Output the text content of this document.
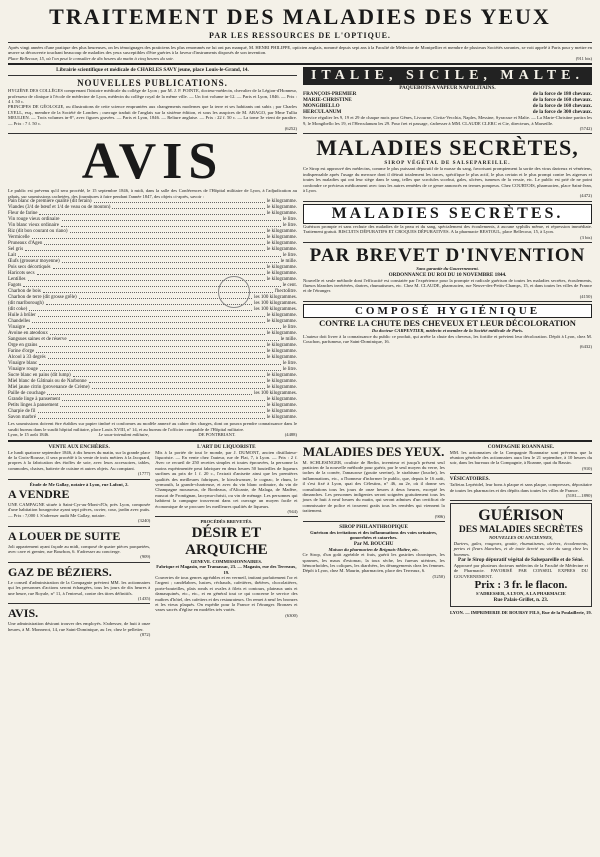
TRAITEMENT DES MALADIES DES YEUX
PAR LES RESSOURCES DE L'OPTIQUE.
Après vingt années d'une pratique des plus heureuses, on les témoignages des praticiens les plus renommés ne lui ont pas manqué, M. HENRI PHILIPPE, opticien anglais, nommé depuis sept ans à la Faculté de Médecine de Montpellier et membre de plusieurs Sociétés savantes, se voit appelé à Paris pour y mettre en œuvre sa découverte touchant beaucoup de maladies des yeux susceptibles d'être guéries à la faveur d'instruments disposés de son invention.
Place Bellecour, 15, où l'on peut le consulter de dix heures du matin à cinq heures du soir.	(911 bis)
Librairie scientifique et médicale de CHARLES SAVY jeune, place Louis-le-Grand, 14.
NOUVELLES PUBLICATIONS.
HYGIÈNE DES COLLÈGES comprenant l'histoire médicale du collège de Lyon ; par M. J. P. POINTE, docteur-médecin, chevalier de la Légion-d'Honneur, professeur de clinique à l'école de médecine de Lyon, médecin du collège royal de la même ville. — Un fort volume in-12. — Paris et Lyon, 1846. — Prix : 4 f. 50 c.
PRINCIPES DE GÉOLOGIE, ou illustrations de cette science empruntées aux changements modernes que la terre et ses habitants ont subis ; par Charles LYELL, esq., membre de la Société de Londres ; ouvrage traduit de l'anglais sur la sixième édition, et sous les auspices de M. ARAGO, par Mme Tullia MEULIEN. — Trois volumes in-8°, avec figures gravées. — Paris et Lyon, 1846. — Reliure anglaise. — Prix : 22 f. 50 c. — La tome 3e vient de paraître. — Prix : 7 f. 50 c.
(6252)
AVIS
Le public est prévenu qu'il sera procédé, le 15 septembre 1846, à midi, dans la salle des Conférences de l'Hôpital militaire de Lyon, à l'adjudication au rabais, sur soumissions cachetées, des fournitures à faire pendant l'année 1847, des objets ci-après, savoir :
Pain blanc de première qualité (dit ferain)	le kilogramme.
Viandes (3/4 de bœuf et 1/4 de veau ou de mouton)	le kilogramme.
Fleur de farine	le kilogramme.
Vin rouge vieux ordinaire	le litre.
Vin blanc vieux ordinaire	le litre.
Riz (dit bon courant ou riano)	le kilogramme.
Vermicelle	le kilogramme.
Pruneaux d'Agen	le kilogramme.
Sel gris	le kilogramme.
Lait	le litre.
Œufs (grosseur moyenne)	le mille.
Pois secs décortiqués	le kilogramme.
Haricots secs	le kilogramme.
Lentilles	le kilogramme.
Fagots	le cent.
Charbon de bois	l'hectolitre.
Charbon de terre (dit grosse grêle)	les 100 kilogrammes.
(dit marlborough)	les 100 kilogrammes.
(dit coke)	les 100 kilogrammes.
Huile à brûler	le kilogramme.
Chandelles	le kilogramme.
Vinaigre	le litre.
Avoine en ateodoux	le kilogramme.
Sangsues saines et de réserve	le mille.
Orge en grains	le kilogramme.
Farine d'orge	le kilogramme.
Alcool à 33 degrés	le kilogramme.
Vinaigre blanc	le litre.
Vinaigre rouge	le litre.
Sucre blanc en pains (dit lump)	le kilogramme.
Miel blanc de Gâtinais ou de Narbonne	le kilogramme.
Miel jaune citrin (provenance de Crème)	le kilogramme.
Paille de couchage	les 100 kilogrammes.
Grande linge à pansement	le kilogramme.
Petits linges à pansement	le kilogramme.
Charpie de fil	le kilogramme.
Savon marbré	le kilogramme.
Les soumissions doivent être établies sur papier timbré et conformes au modèle annexé au cahier des charges, dont on pourra prendre connaissance dans le susdit bureau dans le susdit hôpital militaire, place Louis XVIII, nº 14, et au bureau de l'officier comptable de l'Hôpital militaire.
Lyon, le 15 août 1846.	Le sous-intendant militaire,	DE PONTBRIANT.	(4488)
ITALIE, SICILE, MALTE.
PAQUEBOTS A VAPEUR NAPOLITAINS.
FRANÇOIS-PREMIER	de la force de 180 chevaux.
MARIE-CHRISTINE	de la force de 160 chevaux.
MONGIBELLO	de la force de 160 chevaux.
HERCULANUM	de la force de 300 chevaux.
Service régulier les 9, 19 et 29 de chaque mois pour Gênes, Livourne, Civita-Vecchia, Naples, Messine, Syracuse et Malte. — La Marie-Christine partira les 9, le Mongibello les 19, et l'Herculanum les 29. Pour fret et passage, s'adresser à MM. CLAUDE CLERC et Cie, directeurs, à Marseille.
(5742)
MALADIES SECRÈTES,
SIROP VÉGÉTAL DE SALSEPAREILLE.
Ce Sirop est approuvé des médecins, comme le plus puissant dépuratif de la masse du sang, favorisant promptement la sortie des virus dartreux et vénériens, indispensable après l'usage du mercure dont il détruit totalement les traces, spécifique le plus actif, le plus certain et le plus prompt contre les aigreurs et toutes les maladies qui ont leur siège dans le sang, telles que scrofules scorbut, gales, ulcères, tumeurs de la vessie, etc. Le public est prié de ne point confondre ce précieux médicament avec tous les autres remèdes de ce genre annoncés en termes pompeux. Chez COURTOIS, pharmacien, place Saint-Jean, à Lyon.
(4472)
MALADIES SECRÈTES.
Guérison prompte et sans rechute des maladies de la peau et du sang, spécialement des écoulements, à aucune syphilis même, et répression immédiate. Traitement gratuit. BISCUITS DÉPURATIFS ET CROQUES DÉPURATIVES. A la pharmacie RESTOUL, place Bellecour, 15, à Lyon.
(3 bis)
PAR BREVET D'INVENTION
Sans garantie du Gouvernement.
ORDONNANCE DU ROI DU 10 NOVEMBRE 1844.
Nouvelle et seule méthode dont l'efficacité est constatée par l'expérience pour la prompte et radicale guérison de toutes les maladies secrètes, écoulements, flueurs blanches invétérées, dartres, rhumatismes, etc. Chez M. CLAUDE, pharmacien, rue Neuve-des-Petits-Champs, 15, et dans toutes les villes de France et de l'étranger.
(4150)
COMPOSÉ HYGIÉNIQUE
CONTRE LA CHUTE DES CHEVEUX ET LEUR DÉCOLORATION
Du docteur CARPENTIER, médecin et membre de la Société médicale de Paris.
L'auteur doit livrer à la connaissance du public ce produit, qui arrête la chute des cheveux, les fortifie et prévient leur décoloration. Dépôt à Lyon, chez M. Couchon, parfumeur, rue Saint-Dominique, 16.
(6432)
VENTE AUX ENCHÈRES.
Le lundi quatorze septembre 1846, à dix heures du matin, sur la grande place de la Croix-Rousse, il sera procédé à la vente de trois métiers à la Jacquard, propres à la fabrication des étoffes de soie, avec leurs accessoires, tables, commodes, chaises, batterie de cuisine et autres objets. Au comptant.
(1777)
Étude de Me Gallay, notaire à Lyon, rue Lafont, 2.
A VENDRE
UNE CAMPAGNE située à Saint-Cyr-au-Mont-d'Or, près Lyon, composée d'une habitation bourgeoise ayant sept pièces, cuvier, cour, jardin avec puits. — Prix : 7,000 f. S'adresser audit Me Gallay, notaire.
(3240)
A LOUER DE SUITE
Joli appartement ayant façade au midi, composé de quatre pièces parquetées, avec cave et grenier, rue Bourbon, 6. S'adresser au concierge.
(909)
GAZ DE BÉZIERS.
Le conseil d'administration de la Compagnie prévient MM. les actionnaires qui les personnes d'actions seront échangées, tous les jours de dix heures à une heure, rue Royale, n° 11, à l'entresol, contre des titres définitifs.
(1435)
AVIS.
Une administration désirant trouver des employés. S'adresser, de huit à onze heures, à M. Monnerot, 14, rue Saint-Dominique, au 1er, chez le pelletier.
(872)
L'ART DU LIQUORISTE
Mis à la portée de tout le monde, par J. DUMONT, ancien distillateur-liquoriste. — En vente chez l'auteur, rue de Flat, 7, à Lyon. — Prix : 2 f. Avec ce recueil de 250 recettes simples et toutes éprouvées, la personne la moins expérimentée peut fabriquer en deux heures 50 bouteilles de liqueurs surfines au prix de 1 f. 20 c., l'extrait d'anisette ainsi que les premières qualités des meilleures fabriques, le kirschwasser, le cognac, le rhum, le vermouth, la grande-chartreuse, et avec du vin blanc ordinaire, du vin de Champagne mousseux, de Bordeaux, d'Alicante, de Malaga, de Madère, muscat de Frontignan, lacryma-christi, ou vin de ménage. Les personnes qui habitent la campagne trouveront dans cet ouvrage un moyen facile et économique de se procurer les meilleures qualités de liqueurs.
(944)
PROCÉDÉS BREVETÉS.
DÉSIR ET ARQUICHE
GENEVE. COMMISSIONNAIRES.
Fabrique et Magasin, rue Tramassac, 23. — Magasin, rue des Terreaux, 19.
Couvertes de tous genres agréables et en vermeil, imitant parfaitement l'or et l'argent ; candélabres, lustres, réchauds, cafetières, théières, chocolatières, porte-bouteilles, plats ronds et ovales à filets et contours, plateaux unis et damasquinés, etc., etc., et en général tout ce qui concerne le service des maîtres d'hôtel, des cafetiers et des restaurateurs. On remet à neuf les bronzes et les vieux plaqués. On expédie pour la France et l'étranger. Bronzes et vases sacrés d'église en modèles très variés.
(6300)
MALADIES DES YEUX.
M. SCHLESINGER, oculiste de Berlin, inventeur et jusqu'à présent seul praticien de la nouvelle méthode pour guérir, par le seul moyen du verre, les taches de la cornée, l'amaurose (goutte sereine), le strabisme (louche), les inflammations, etc., a l'honneur d'informer le public, que, depuis le 16 août, il s'est fixé à Lyon, quai des Célestins, n° 46, au 2e, où il donne ses consultations tous les jours de onze heures à deux heures, excepté les dimanches. Les personnes indigentes seront soignées gratuitement tous les jours de huit à neuf heures du matin, qui seront admises d'un certificat de commissaire de police et trouvent gratis tous les remèdes qui viennent la traitement.
(906)
SIROP PHILANTHROPIQUE
Guérison des irritations et des inflammations des voies urinaires, gonorrhées et catarrhes.
Par M. BOUCHU
Maison du pharmacien de Brignais-Maître, etc.
Ce Sirop, d'un goût agréable et frais, guérit les gastrites chroniques, les spasmes, les maux d'estomac, la toux sèche, les fureurs utérines, les hémorrhoïdes, les coliques, les diarrhées, les dérangements chez les femmes. Dépôt à Lyon, chez M. Maurin, pharmacien, place des Terreaux, 6.
(5250)
COMPAGNIE ROANNAISE.
MM. les actionnaires de la Compagnie Roannaise sont prévenus que la réunion générale des actionnaires aura lieu le 21 septembre, à 10 heures du soir, dans les bureaux de la Compagnie, à Roanne, quai du Bassin.
(910)
VÉSICATOIRES.
Taffetas Lepéridel, leur bons à plaque et sans plaque, compresses, dépositaire de toutes les pharmacies et des dépôts dans toutes les villes de France.
(5181—1890)
GUÉRISON
DES MALADIES SECRÈTES
NOUVELLES OU ANCIENNES,
Dartres, gales, rougeurs, goutte, rhumatismes, ulcères, écoulements, pertes et fleurs blanches, et de toute âcreté ou vice du sang chez les hommes.
Par le Sirop dépuratif végétal de Salsepareille et de Séné.
Approuvé par plusieurs docteurs médecins de la Faculté de Médecine et de Pharmacie. FAVORISÉ PAR CONSEIL EXPRES DU GOUVERNEMENT.
Prix : 3 fr. le flacon.
S'ADRESSER, A LYON, A LA PHARMACIE
Rue Palais-Grillet, n. 23.
LYON. — IMPRIMERIE DE BOURSY FILS, Rue de la Poulaillerie, 19.
